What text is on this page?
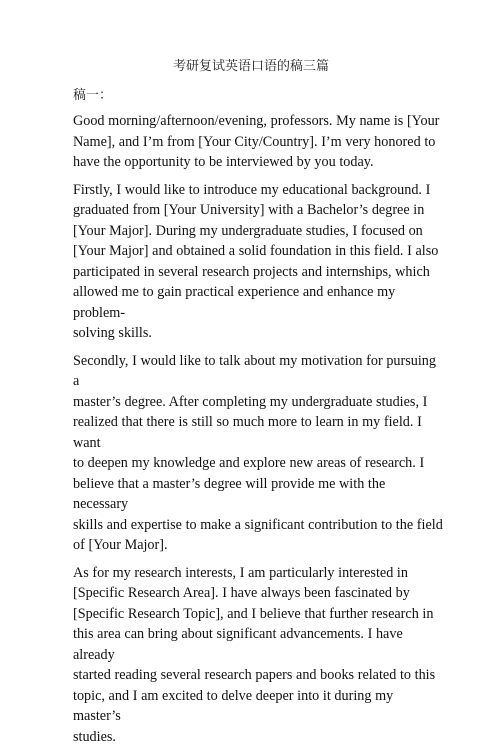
考研复试英语口语的稿三篇
稿一：

Good morning/afternoon/evening, professors. My name is [Your
Name], and I’m from [Your City/Country]. I’m very honored to
have the opportunity to be interviewed by you today.

Firstly, I would like to introduce my educational background. I
graduated from [Your University] with a Bachelor’s degree in
[Your Major]. During my undergraduate studies, I focused on
[Your Major] and obtained a solid foundation in this field. I also
participated in several research projects and internships, which
allowed me to gain practical experience and enhance my problem-
solving skills.

Secondly, I would like to talk about my motivation for pursuing a
master’s degree. After completing my undergraduate studies, I
realized that there is still so much more to learn in my field. I want
to deepen my knowledge and explore new areas of research. I
believe that a master’s degree will provide me with the necessary
skills and expertise to make a significant contribution to the field
of [Your Major].

As for my research interests, I am particularly interested in
[Specific Research Area]. I have always been fascinated by
[Specific Research Topic], and I believe that further research in
this area can bring about significant advancements. I have already
started reading several research papers and books related to this
topic, and I am excited to delve deeper into it during my master’s
studies.
